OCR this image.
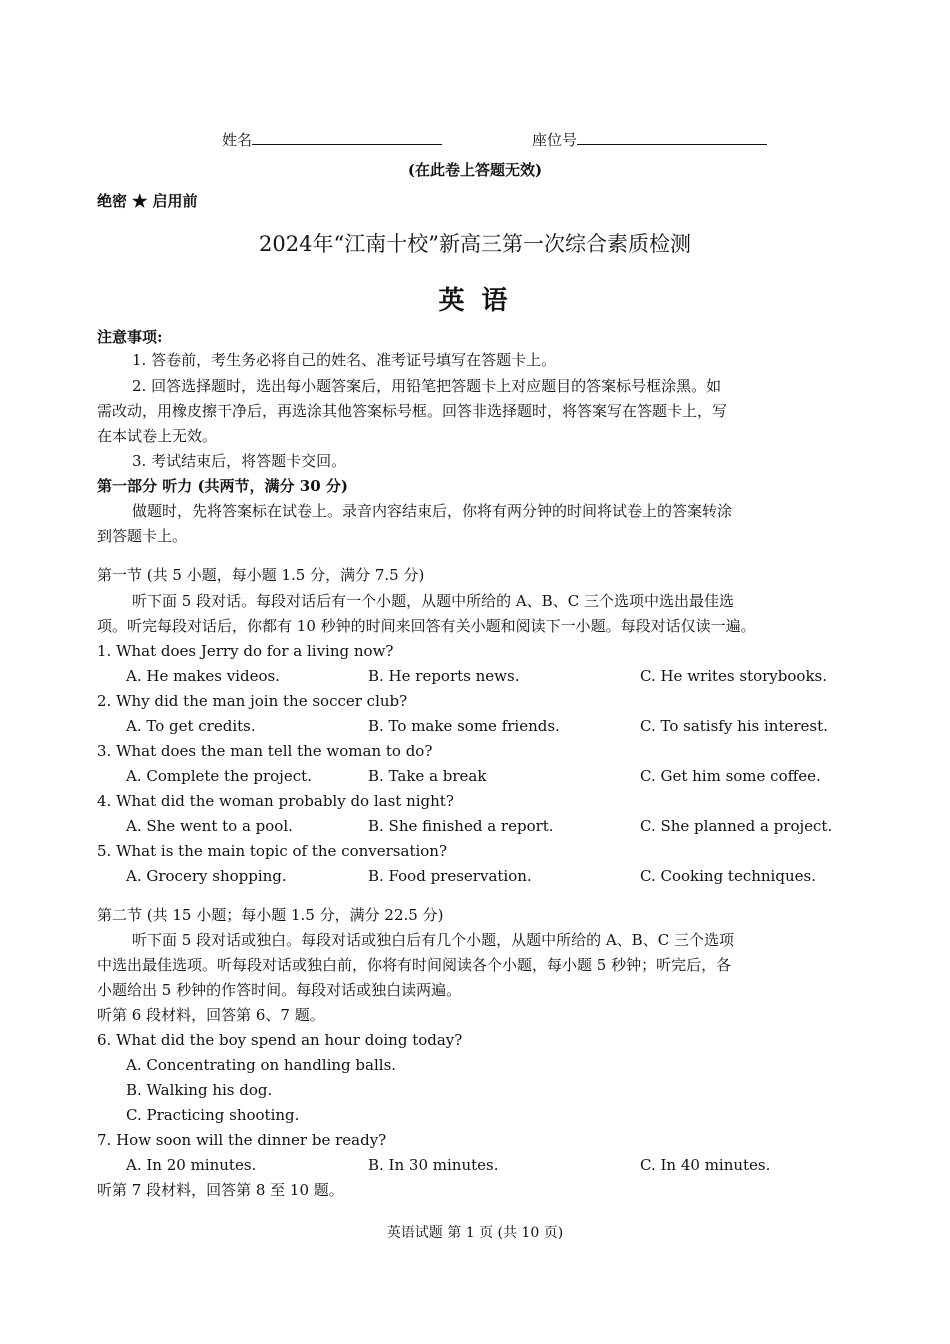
姓名	座位号
(在此卷上答题无效)
绝密 ★ 启用前
2024年“江南十校”新高三第一次综合素质检测
英 语
注意事项:
1. 答卷前，考生务必将自己的姓名、准考证号填写在答题卡上。
2. 回答选择题时，选出每小题答案后，用铅笔把答题卡上对应题目的答案标号框涂黑。如
需改动，用橡皮擦干净后，再选涂其他答案标号框。回答非选择题时，将答案写在答题卡上，写
在本试卷上无效。
3. 考试结束后，将答题卡交回。
第一部分 听力 (共两节，满分 30 分)
做题时，先将答案标在试卷上。录音内容结束后，你将有两分钟的时间将试卷上的答案转涂
到答题卡上。
第一节 (共 5 小题，每小题 1.5 分，满分 7.5 分)
听下面 5 段对话。每段对话后有一个小题，从题中所给的 A、B、C 三个选项中选出最佳选
项。听完每段对话后，你都有 10 秒钟的时间来回答有关小题和阅读下一小题。每段对话仅读一遍。
1. What does Jerry do for a living now?
A. He makes videos.	B. He reports news.	C. He writes storybooks.
2. Why did the man join the soccer club?
A. To get credits.	B. To make some friends.	C. To satisfy his interest.
3. What does the man tell the woman to do?
A. Complete the project.	B. Take a break	C. Get him some coffee.
4. What did the woman probably do last night?
A. She went to a pool.	B. She finished a report.	C. She planned a project.
5. What is the main topic of the conversation?
A. Grocery shopping.	B. Food preservation.	C. Cooking techniques.
第二节 (共 15 小题；每小题 1.5 分，满分 22.5 分)
听下面 5 段对话或独白。每段对话或独白后有几个小题，从题中所给的 A、B、C 三个选项
中选出最佳选项。听每段对话或独白前，你将有时间阅读各个小题，每小题 5 秒钟；听完后，各
小题给出 5 秒钟的作答时间。每段对话或独白读两遍。
听第 6 段材料，回答第 6、7 题。
6. What did the boy spend an hour doing today?
A. Concentrating on handling balls.
B. Walking his dog.
C. Practicing shooting.
7. How soon will the dinner be ready?
A. In 20 minutes.	B. In 30 minutes.	C. In 40 minutes.
听第 7 段材料，回答第 8 至 10 题。
英语试题 第 1 页 (共 10 页)
